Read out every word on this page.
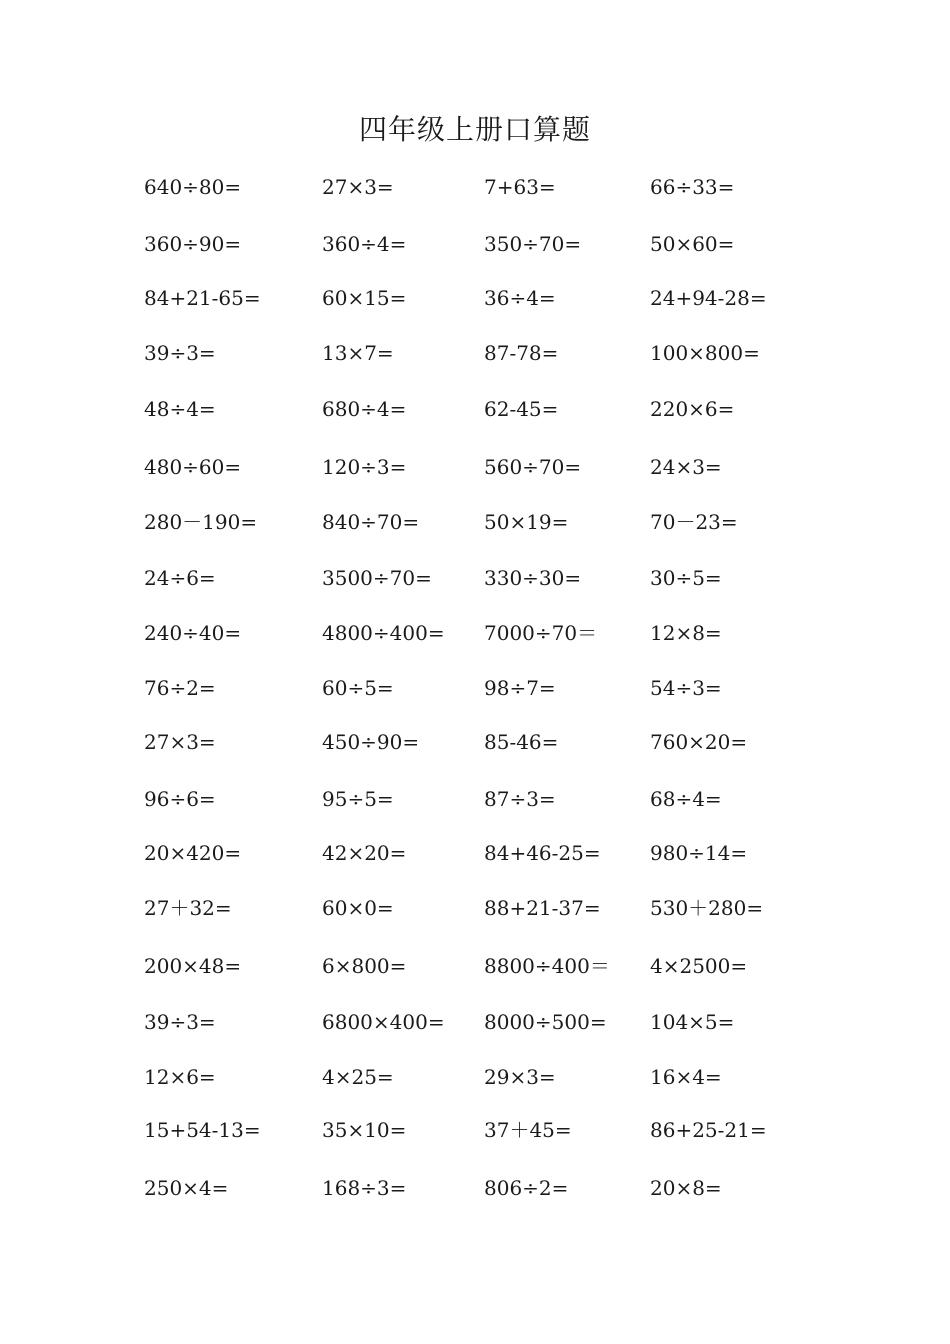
四年级上册口算题
640÷80=	27×3=	7+63=	66÷33=
360÷90=	360÷4=	350÷70=	50×60=
84+21-65=	60×15=	36÷4=	24+94-28=
39÷3=	13×7=	87-78=	100×800=
48÷4=	680÷4=	62-45=	220×6=
480÷60=	120÷3=	560÷70=	24×3=
280－190=	840÷70=	50×19=	70－23=
24÷6=	3500÷70=	330÷30=	30÷5=
240÷40=	4800÷400= 7000÷70＝	12×8=
76÷2=	60÷5=	98÷7=	54÷3=
27×3=	450÷90=	85-46=	760×20=
96÷6=	95÷5=	87÷3=	68÷4=
20×420=	42×20=	84+46-25= 980÷14=
27＋32=	60×0=	88+21-37= 530＋280=
200×48=	6×800=	8800÷400＝ 4×2500=
39÷3=	6800×400= 8000÷500= 104×5=
12×6=	4×25=	29×3=	16×4=
15+54-13=	35×10=	37＋45=	86+25-21=
250×4=	168÷3=	806÷2=	20×8=
